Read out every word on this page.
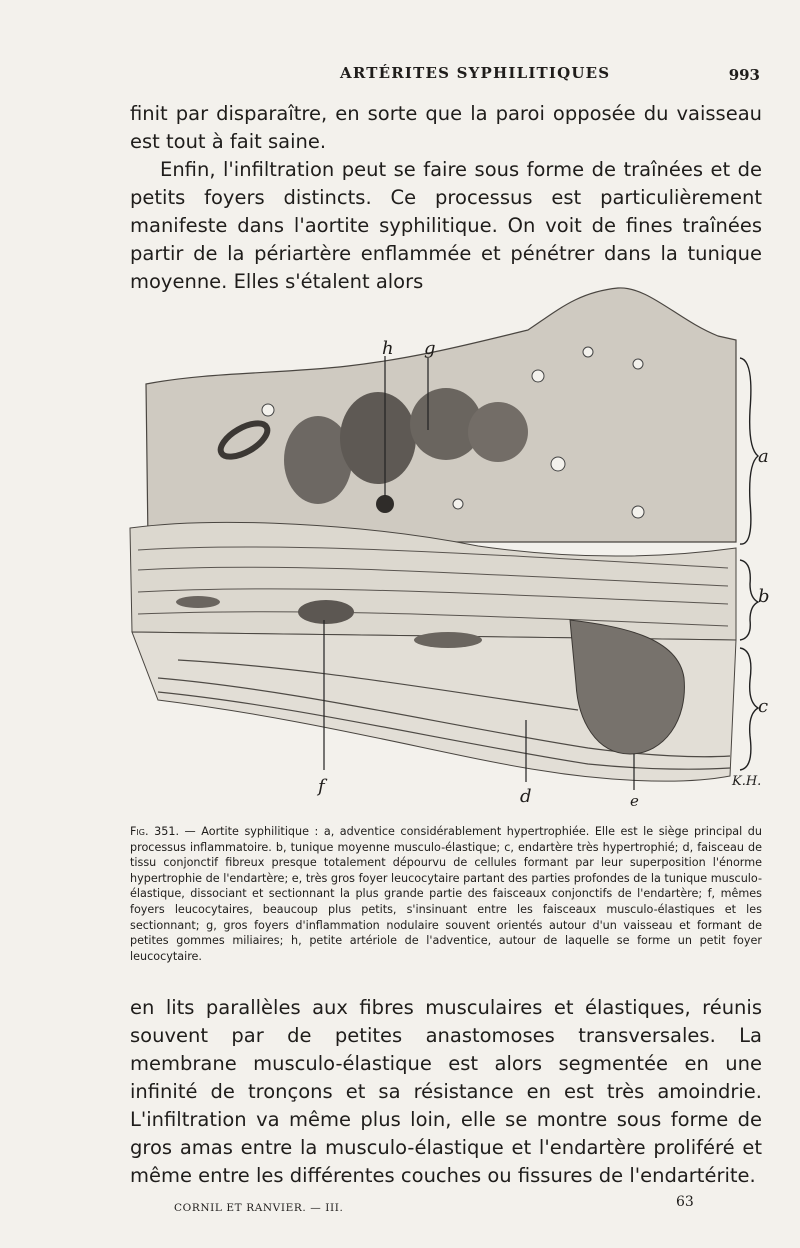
ARTÉRITES SYPHILITIQUES	993

finit par disparaître, en sorte que la paroi opposée du vaisseau est tout à fait saine.

Enfin, l'infiltration peut se faire sous forme de traînées et de petits foyers distincts. Ce processus est particulièrement manifeste dans l'aortite syphilitique. On voit de fines traînées partir de la périartère enflammée et pénétrer dans la tunique moyenne. Elles s'étalent alors

h g
a
b
c
f	d	e
K.H.

Fig. 351. — Aortite syphilitique : a, adventice considérablement hypertrophiée. Elle est le siège principal du processus inflammatoire. b, tunique moyenne musculo-élastique; c, endartère très hypertrophié; d, faisceau de tissu conjonctif fibreux presque totalement dépourvu de cellules formant par leur superposition l'énorme hypertrophie de l'endartère; e, très gros foyer leucocytaire partant des parties profondes de la tunique musculo-élastique, dissociant et sectionnant la plus grande partie des faisceaux conjonctifs de l'endartère; f, mêmes foyers leucocytaires, beaucoup plus petits, s'insinuant entre les faisceaux musculo-élastiques et les sectionnant; g, gros foyers d'inflammation nodulaire souvent orientés autour d'un vaisseau et formant de petites gommes miliaires; h, petite artériole de l'adventice, autour de laquelle se forme un petit foyer leucocytaire.

en lits parallèles aux fibres musculaires et élastiques, réunis souvent par de petites anastomoses transversales. La membrane musculo-élastique est alors segmentée en une infinité de tronçons et sa résistance en est très amoindrie. L'infiltration va même plus loin, elle se montre sous forme de gros amas entre la musculo-élastique et l'endartère proliféré et même entre les différentes couches ou fissures de l'endartérite.

CORNIL ET RANVIER. — III.	63
